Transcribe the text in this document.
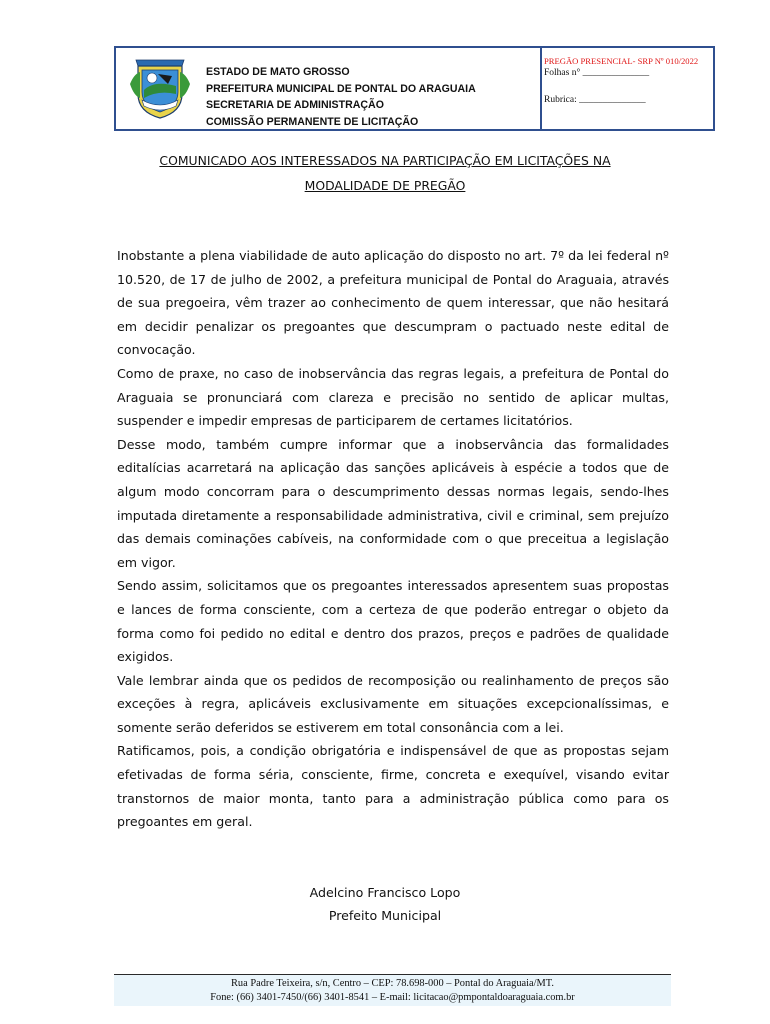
ESTADO DE MATO GROSSO
PREFEITURA MUNICIPAL DE PONTAL DO ARAGUAIA
SECRETARIA DE ADMINISTRAÇÃO
COMISSÃO PERMANENTE DE LICITAÇÃO
PREGÃO PRESENCIAL- SRP Nº 010/2022
Folhas n° ______________
Rubrica: ______________
COMUNICADO AOS INTERESSADOS NA PARTICIPAÇÃO EM LICITAÇÕES NA
MODALIDADE DE PREGÃO

Inobstante a plena viabilidade de auto aplicação do disposto no art. 7º da lei federal nº 10.520, de 17 de julho de 2002, a prefeitura municipal de Pontal do Araguaia, através de sua pregoeira, vêm trazer ao conhecimento de quem interessar, que não hesitará em decidir penalizar os pregoantes que descumpram o pactuado neste edital de convocação.

Como de praxe, no caso de inobservância das regras legais, a prefeitura de Pontal do Araguaia se pronunciará com clareza e precisão no sentido de aplicar multas, suspender e impedir empresas de participarem de certames licitatórios.

Desse modo, também cumpre informar que a inobservância das formalidades editalícias acarretará na aplicação das sanções aplicáveis à espécie a todos que de algum modo concorram para o descumprimento dessas normas legais, sendo-lhes imputada diretamente a responsabilidade administrativa, civil e criminal, sem prejuízo das demais cominações cabíveis, na conformidade com o que preceitua a legislação em vigor.

Sendo assim, solicitamos que os pregoantes interessados apresentem suas propostas e lances de forma consciente, com a certeza de que poderão entregar o objeto da forma como foi pedido no edital e dentro dos prazos, preços e padrões de qualidade exigidos.

Vale lembrar ainda que os pedidos de recomposição ou realinhamento de preços são exceções à regra, aplicáveis exclusivamente em situações excepcionalíssimas, e somente serão deferidos se estiverem em total consonância com a lei.

Ratificamos, pois, a condição obrigatória e indispensável de que as propostas sejam efetivadas de forma séria, consciente, firme, concreta e exequível, visando evitar transtornos de maior monta, tanto para a administração pública como para os pregoantes em geral.

Adelcino Francisco Lopo
Prefeito Municipal
Rua Padre Teixeira, s/n, Centro – CEP: 78.698-000 – Pontal do Araguaia/MT.
Fone: (66) 3401-7450/(66) 3401-8541 – E-mail: licitacao@pmpontaldoaraguaia.com.br
